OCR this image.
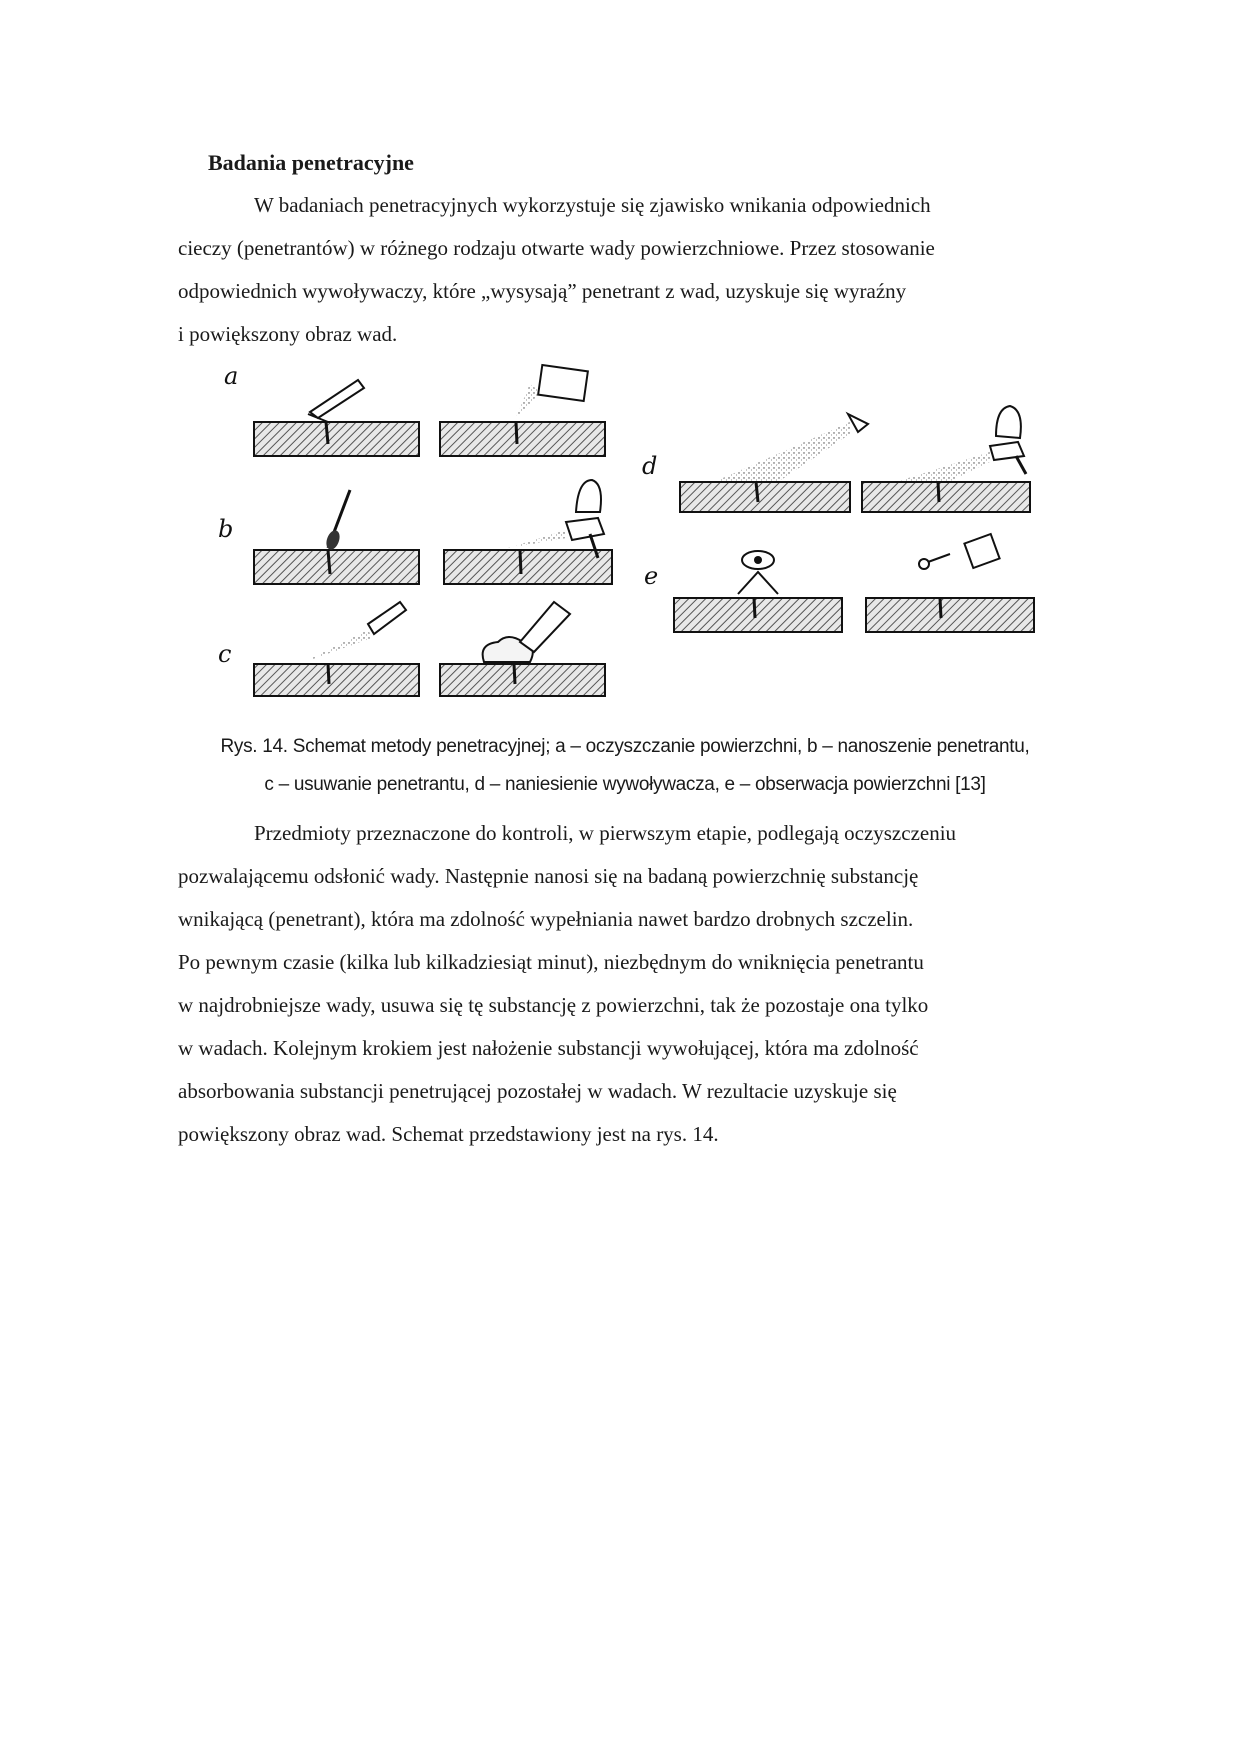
Badania penetracyjne

W badaniach penetracyjnych wykorzystuje się zjawisko wnikania odpowiednich
cieczy (penetrantów) w różnego rodzaju otwarte wady powierzchniowe. Przez stosowanie
odpowiednich wywoływaczy, które „wysysają” penetrant z wad, uzyskuje się wyraźny
i powiększony obraz wad.

a
b
c
d
e
Rys. 14. Schemat metody penetracyjnej; a – oczyszczanie powierzchni, b – nanoszenie penetrantu,
c – usuwanie penetrantu, d – naniesienie wywoływacza, e – obserwacja powierzchni [13]

Przedmioty przeznaczone do kontroli, w pierwszym etapie, podlegają oczyszczeniu
pozwalającemu odsłonić wady. Następnie nanosi się na badaną powierzchnię substancję
wnikającą (penetrant), która ma zdolność wypełniania nawet bardzo drobnych szczelin.
Po pewnym czasie (kilka lub kilkadziesiąt minut), niezbędnym do wniknięcia penetrantu
w najdrobniejsze wady, usuwa się tę substancję z powierzchni, tak że pozostaje ona tylko
w wadach. Kolejnym krokiem jest nałożenie substancji wywołującej, która ma zdolność
absorbowania substancji penetrującej pozostałej w wadach. W rezultacie uzyskuje się
powiększony obraz wad. Schemat przedstawiony jest na rys. 14.
